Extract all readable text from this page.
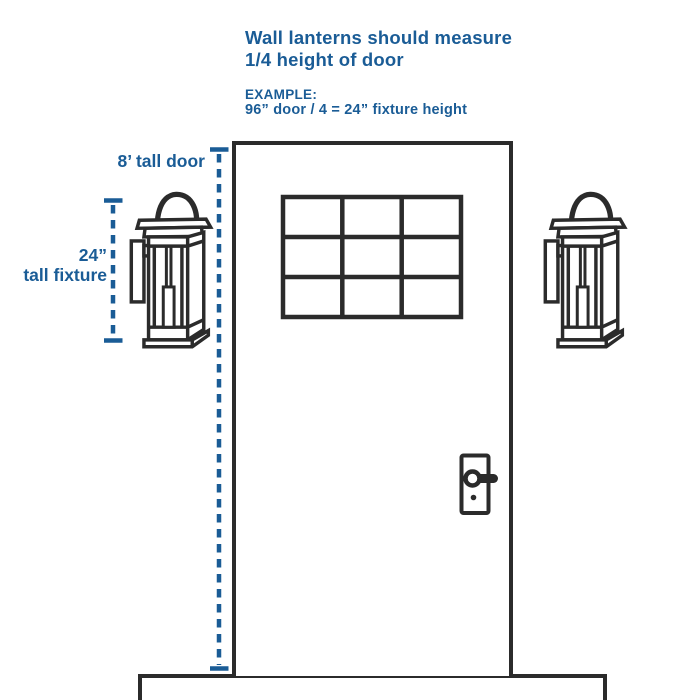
Wall lanterns should measure
1/4 height of door
EXAMPLE:
96” door / 4 = 24” fixture height
8’ tall door
24”
tall fixture
